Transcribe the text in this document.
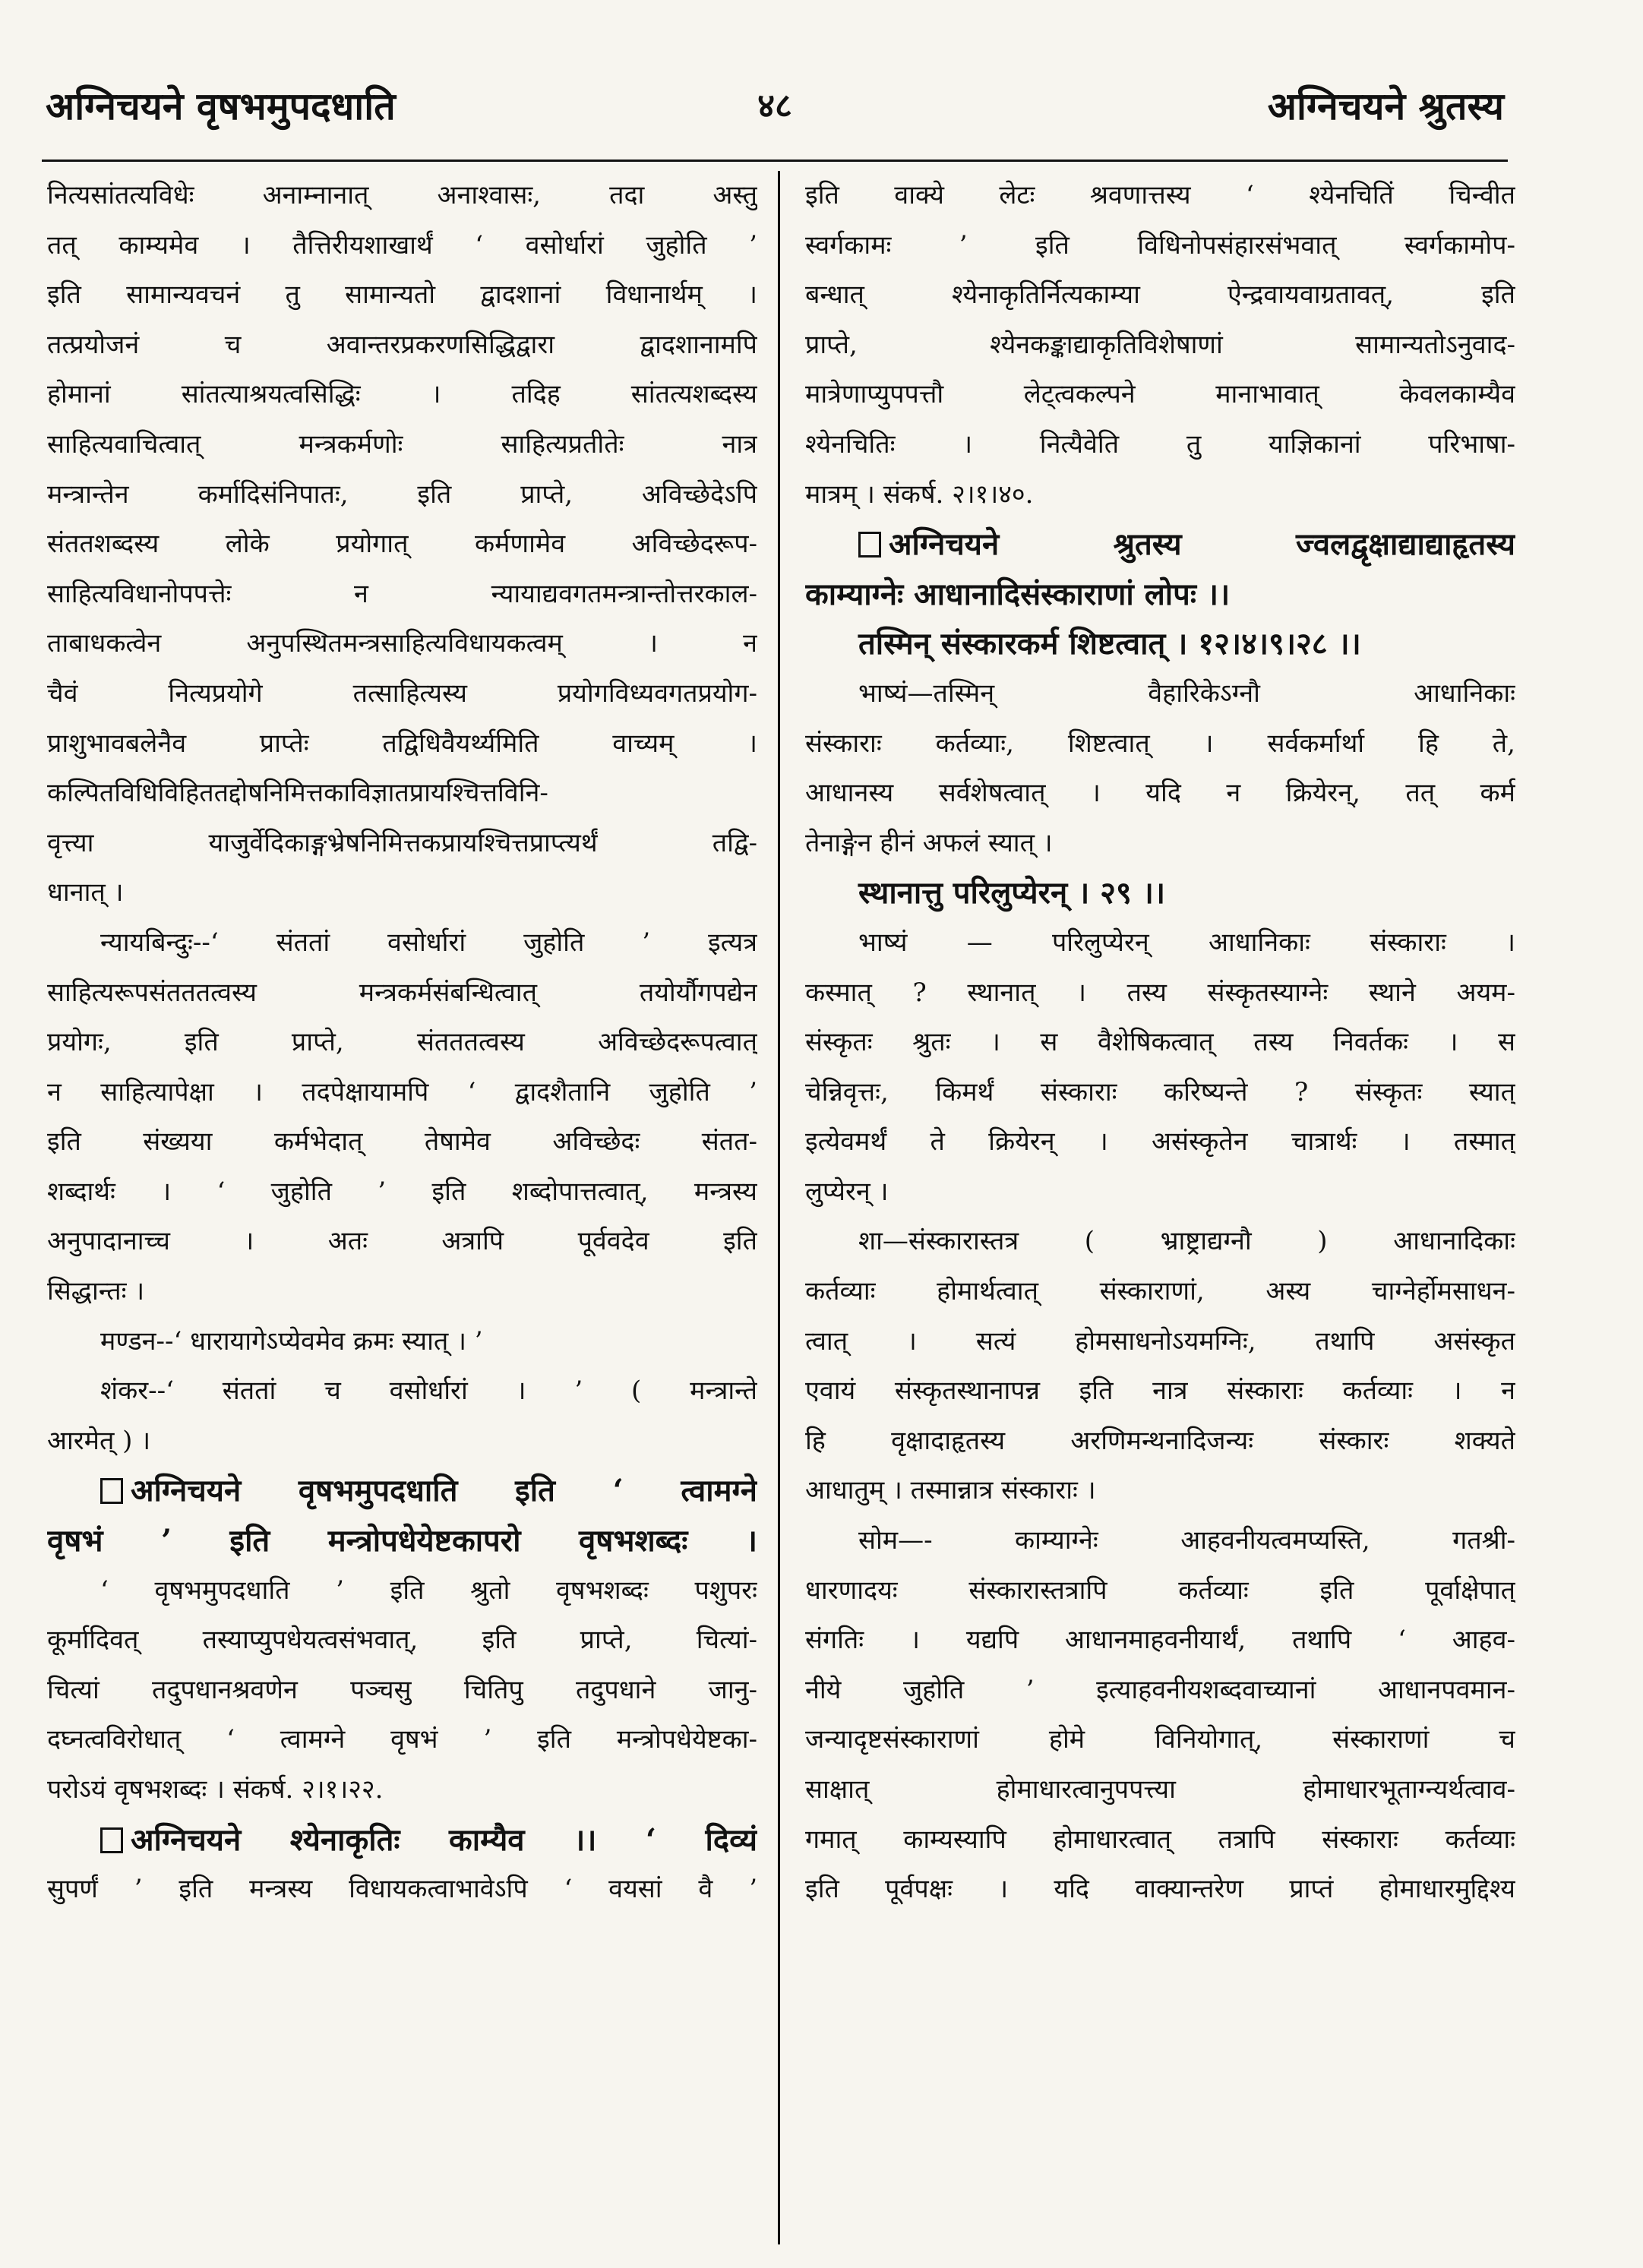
अग्निचयने वृषभमुपदधाति	४८	अग्निचयने श्रुतस्य
नित्यसांतत्यविधेः अनाम्नानात् अनाश्वासः, तदा अस्तु
तत् काम्यमेव । तैत्तिरीयशाखार्थं ‘ वसोर्धारां जुहोति ’
इति सामान्यवचनं तु सामान्यतो द्वादशानां विधानार्थम् ।
तत्प्रयोजनं च अवान्तरप्रकरणसिद्धिद्वारा द्वादशानामपि
होमानां सांतत्याश्रयत्वसिद्धिः । तदिह सांतत्यशब्दस्य
साहित्यवाचित्वात् मन्त्रकर्मणोः साहित्यप्रतीतेः नात्र
मन्त्रान्तेन कर्मादिसंनिपातः, इति प्राप्ते, अविच्छेदेऽपि
संततशब्दस्य लोके प्रयोगात् कर्मणामेव अविच्छेदरूप-
साहित्यविधानोपपत्तेः न न्यायाद्यवगतमन्त्रान्तोत्तरकाल-
ताबाधकत्वेन अनुपस्थितमन्त्रसाहित्यविधायकत्वम् । न
चैवं नित्यप्रयोगे तत्साहित्यस्य प्रयोगविध्यवगतप्रयोग-
प्राशुभावबलेनैव प्राप्तेः तद्विधिवैयर्थ्यमिति वाच्यम् ।
कल्पितविधिविहिततद्दोषनिमित्तकाविज्ञातप्रायश्चित्तविनि-
वृत्त्या याजुर्वेदिकाङ्गभ्रेषनिमित्तकप्रायश्चित्तप्राप्त्यर्थं तद्वि-
धानात् ।
न्यायबिन्दुः--‘ संततां वसोर्धारां जुहोति ’ इत्यत्र
साहित्यरूपसंतततत्वस्य मन्त्रकर्मसंबन्धित्वात् तयोर्यौगपद्येन
प्रयोगः, इति प्राप्ते, संतततत्वस्य अविच्छेदरूपत्वात्
न साहित्यापेक्षा । तदपेक्षायामपि ‘ द्वादशैतानि जुहोति ’
इति संख्यया कर्मभेदात् तेषामेव अविच्छेदः संतत-
शब्दार्थः । ‘ जुहोति ’ इति शब्दोपात्तत्वात्, मन्त्रस्य
अनुपादानाच्च । अतः अत्रापि पूर्ववदेव इति
सिद्धान्तः ।
मण्डन--‘ धारायागेऽप्येवमेव क्रमः स्यात् । ’
शंकर--‘ संततां च वसोर्धारां । ’ ( मन्त्रान्ते
आरमेत् ) ।
अग्निचयने वृषभमुपदधाति इति ‘ त्वामग्ने
वृषभं ’ इति मन्त्रोपधेयेष्टकापरो वृषभशब्दः ।
‘ वृषभमुपदधाति ’ इति श्रुतो वृषभशब्दः पशुपरः
कूर्मादिवत् तस्याप्युपधेयत्वसंभवात्, इति प्राप्ते, चित्यां-
चित्यां तदुपधानश्रवणेन पञ्चसु चितिपु तदुपधाने जानु-
दघ्नत्वविरोधात् ‘ त्वामग्ने वृषभं ’ इति मन्त्रोपधेयेष्टका-
परोऽयं वृषभशब्दः । संकर्ष. २।१।२२.
अग्निचयने श्येनाकृतिः काम्यैव ।। ‘ दिव्यं
सुपर्णं ’ इति मन्त्रस्य विधायकत्वाभावेऽपि ‘ वयसां वै ’
इति वाक्ये लेटः श्रवणात्तस्य ‘ श्येनचितिं चिन्वीत
स्वर्गकामः ’ इति विधिनोपसंहारसंभवात् स्वर्गकामोप-
बन्धात् श्येनाकृतिर्नित्यकाम्या ऐन्द्रवायवाग्रतावत्, इति
प्राप्ते, श्येनकङ्काद्याकृतिविशेषाणां सामान्यतोऽनुवाद-
मात्रेणाप्युपपत्तौ लेट्त्वकल्पने मानाभावात् केवलकाम्यैव
श्येनचितिः । नित्यैवेति तु याज्ञिकानां परिभाषा-
मात्रम् । संकर्ष. २।१।४०.
अग्निचयने श्रुतस्य ज्वलद्वृक्षाद्याद्याहृतस्य
काम्याग्नेः आधानादिसंस्काराणां लोपः ।।
तस्मिन् संस्कारकर्म शिष्टत्वात् । १२।४।९।२८ ।।
भाष्यं—तस्मिन् वैहारिकेऽग्नौ आधानिकाः
संस्काराः कर्तव्याः, शिष्टत्वात् । सर्वकर्मार्था हि ते,
आधानस्य सर्वशेषत्वात् । यदि न क्रियेरन्, तत् कर्म
तेनाङ्गेन हीनं अफलं स्यात् ।
स्थानात्तु परिलुप्येरन् । २९ ।।
भाष्यं — परिलुप्येरन् आधानिकाः संस्काराः ।
कस्मात् ? स्थानात् । तस्य संस्कृतस्याग्नेः स्थाने अयम-
संस्कृतः श्रुतः । स वैशेषिकत्वात् तस्य निवर्तकः । स
चेन्निवृत्तः, किमर्थं संस्काराः करिष्यन्ते ? संस्कृतः स्यात्
इत्येवमर्थं ते क्रियेरन् । असंस्कृतेन चात्रार्थः । तस्मात्
लुप्येरन् ।
शा—संस्कारास्तत्र ( भ्राष्ट्राद्यग्नौ ) आधानादिकाः
कर्तव्याः होमार्थत्वात् संस्काराणां, अस्य चाग्नेर्होमसाधन-
त्वात् । सत्यं होमसाधनोऽयमग्निः, तथापि असंस्कृत
एवायं संस्कृतस्थानापन्न इति नात्र संस्काराः कर्तव्याः । न
हि वृक्षादाहृतस्य अरणिमन्थनादिजन्यः संस्कारः शक्यते
आधातुम् । तस्मान्नात्र संस्काराः ।
सोम—- काम्याग्नेः आहवनीयत्वमप्यस्ति, गतश्री-
धारणादयः संस्कारास्तत्रापि कर्तव्याः इति पूर्वाक्षेपात्
संगतिः । यद्यपि आधानमाहवनीयार्थं, तथापि ‘ आहव-
नीये जुहोति ’ इत्याहवनीयशब्दवाच्यानां आधानपवमान-
जन्यादृष्टसंस्काराणां होमे विनियोगात्, संस्काराणां च
साक्षात् होमाधारत्वानुपपत्त्या होमाधारभूताग्न्यर्थत्वाव-
गमात् काम्यस्यापि होमाधारत्वात् तत्रापि संस्काराः कर्तव्याः
इति पूर्वपक्षः । यदि वाक्यान्तरेण प्राप्तं होमाधारमुद्दिश्य
